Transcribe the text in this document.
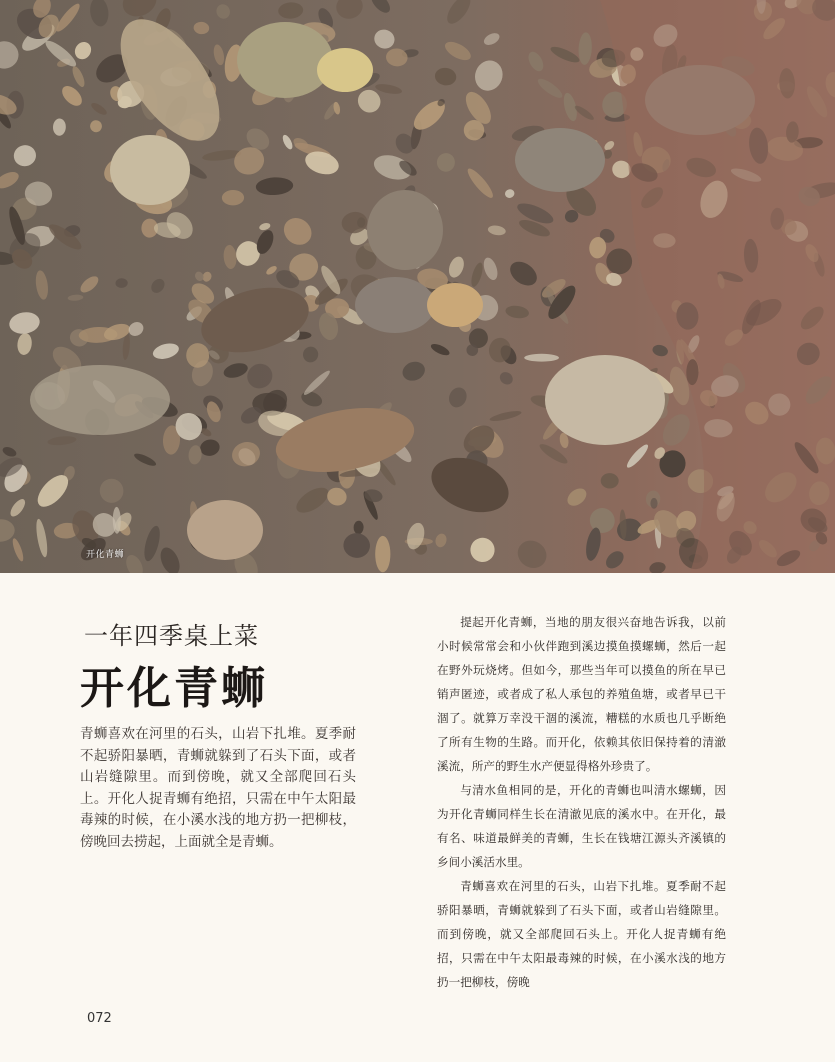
开化青蛳
一年四季桌上菜
开化青蛳
青蛳喜欢在河里的石头，山岩下扎堆。夏季耐不起骄阳暴晒，青蛳就躲到了石头下面，或者山岩缝隙里。而到傍晚，就又全部爬回石头上。开化人捉青蛳有绝招，只需在中午太阳最毒辣的时候，在小溪水浅的地方扔一把柳枝，傍晚回去捞起，上面就全是青蛳。

提起开化青蛳，当地的朋友很兴奋地告诉我，以前小时候常常会和小伙伴跑到溪边摸鱼摸螺蛳，然后一起在野外玩烧烤。但如今，那些当年可以摸鱼的所在早已销声匿迹，或者成了私人承包的养殖鱼塘，或者早已干涸了。就算万幸没干涸的溪流，糟糕的水质也几乎断绝了所有生物的生路。而开化，依赖其依旧保持着的清澈溪流，所产的野生水产便显得格外珍贵了。

与清水鱼相同的是，开化的青蛳也叫清水螺蛳，因为开化青蛳同样生长在清澈见底的溪水中。在开化，最有名、味道最鲜美的青蛳，生长在钱塘江源头齐溪镇的乡间小溪活水里。

青蛳喜欢在河里的石头，山岩下扎堆。夏季耐不起骄阳暴晒，青蛳就躲到了石头下面，或者山岩缝隙里。而到傍晚，就又全部爬回石头上。开化人捉青蛳有绝招，只需在中午太阳最毒辣的时候，在小溪水浅的地方扔一把柳枝，傍晚

072
